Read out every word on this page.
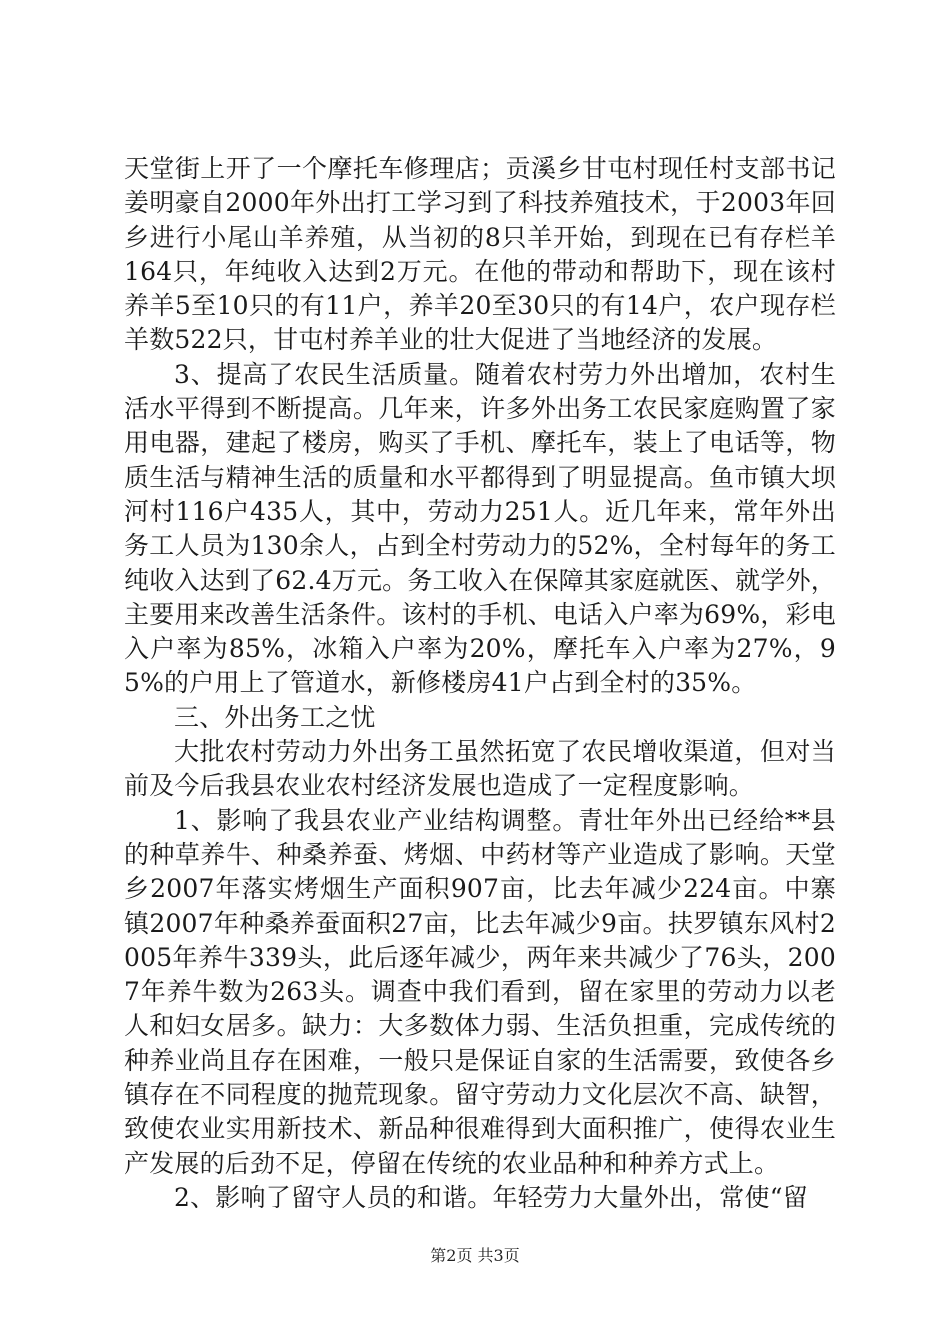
天堂街上开了一个摩托车修理店；贡溪乡甘屯村现任村支部书记姜明豪自2000年外出打工学习到了科技养殖技术，于2003年回乡进行小尾山羊养殖，从当初的8只羊开始，到现在已有存栏羊164只，年纯收入达到2万元。在他的带动和帮助下，现在该村养羊5至10只的有11户，养羊20至30只的有14户，农户现存栏羊数522只，甘屯村养羊业的壮大促进了当地经济的发展。

3、提高了农民生活质量。随着农村劳力外出增加，农村生活水平得到不断提高。几年来，许多外出务工农民家庭购置了家用电器，建起了楼房，购买了手机、摩托车，装上了电话等，物质生活与精神生活的质量和水平都得到了明显提高。鱼市镇大坝河村116户435人，其中，劳动力251人。近几年来，常年外出务工人员为130余人，占到全村劳动力的52%，全村每年的务工纯收入达到了62.4万元。务工收入在保障其家庭就医、就学外，主要用来改善生活条件。该村的手机、电话入户率为69%，彩电入户率为85%，冰箱入户率为20%，摩托车入户率为27%，95%的户用上了管道水，新修楼房41户占到全村的35%。

三、外出务工之忧

大批农村劳动力外出务工虽然拓宽了农民增收渠道，但对当前及今后我县农业农村经济发展也造成了一定程度影响。

1、影响了我县农业产业结构调整。青壮年外出已经给**县的种草养牛、种桑养蚕、烤烟、中药材等产业造成了影响。天堂乡2007年落实烤烟生产面积907亩，比去年减少224亩。中寨镇2007年种桑养蚕面积27亩，比去年减少9亩。扶罗镇东风村2005年养牛339头，此后逐年减少，两年来共减少了76头，2007年养牛数为263头。调查中我们看到，留在家里的劳动力以老人和妇女居多。缺力：大多数体力弱、生活负担重，完成传统的种养业尚且存在困难，一般只是保证自家的生活需要，致使各乡镇存在不同程度的抛荒现象。留守劳动力文化层次不高、缺智，致使农业实用新技术、新品种很难得到大面积推广，使得农业生产发展的后劲不足，停留在传统的农业品种和种养方式上。

2、影响了留守人员的和谐。年轻劳力大量外出，常使“留

第2页 共3页
